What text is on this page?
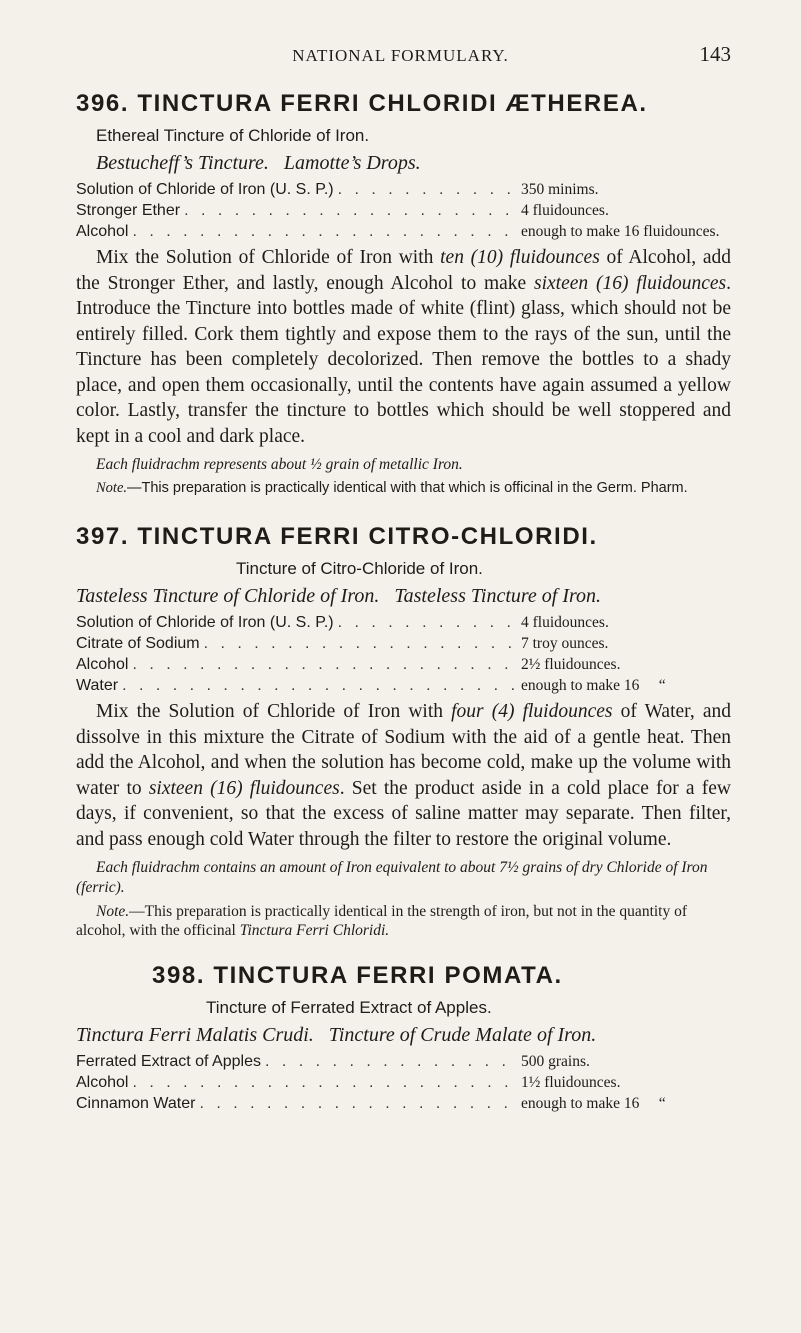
NATIONAL FORMULARY.	143
396. TINCTURA FERRI CHLORIDI ÆTHEREA.
Ethereal Tincture of Chloride of Iron.
Bestucheff’s Tincture.   Lamotte’s Drops.
Solution of Chloride of Iron (U. S. P.) . . .	350 minims.
Stronger Ether . . .	4 fluidounces.
Alcohol . . .	enough to make 16 fluidounces.

Mix the Solution of Chloride of Iron with ten (10) fluidounces of Alcohol, add the Stronger Ether, and lastly, enough Alcohol to make sixteen (16) fluidounces. Introduce the Tincture into bottles made of white (flint) glass, which should not be entirely filled. Cork them tightly and expose them to the rays of the sun, until the Tincture has been completely decolorized. Then remove the bottles to a shady place, and open them occasionally, until the contents have again assumed a yellow color. Lastly, transfer the tincture to bottles which should be well stoppered and kept in a cool and dark place.

Each fluidrachm represents about ½ grain of metallic Iron.

Note.—This preparation is practically identical with that which is officinal in the Germ. Pharm.

397. TINCTURA FERRI CITRO-CHLORIDI.
Tincture of Citro-Chloride of Iron.
Tasteless Tincture of Chloride of Iron.   Tasteless Tincture of Iron.
Solution of Chloride of Iron (U. S. P.) . . .	4 fluidounces.
Citrate of Sodium . . .	7 troy ounces.
Alcohol . . .	2½ fluidounces.
Water . . .	enough to make 16     “

Mix the Solution of Chloride of Iron with four (4) fluidounces of Water, and dissolve in this mixture the Citrate of Sodium with the aid of a gentle heat. Then add the Alcohol, and when the solution has become cold, make up the volume with water to sixteen (16) fluidounces. Set the product aside in a cold place for a few days, if convenient, so that the excess of saline matter may separate. Then filter, and pass enough cold Water through the filter to restore the original volume.

Each fluidrachm contains an amount of Iron equivalent to about 7½ grains of dry Chloride of Iron (ferric).

Note.—This preparation is practically identical in the strength of iron, but not in the quantity of alcohol, with the officinal Tinctura Ferri Chloridi.

398. TINCTURA FERRI POMATA.
Tincture of Ferrated Extract of Apples.
Tinctura Ferri Malatis Crudi.   Tincture of Crude Malate of Iron.
Ferrated Extract of Apples . . .	500 grains.
Alcohol . . .	1½ fluidounces.
Cinnamon Water . . .	enough to make 16     “
